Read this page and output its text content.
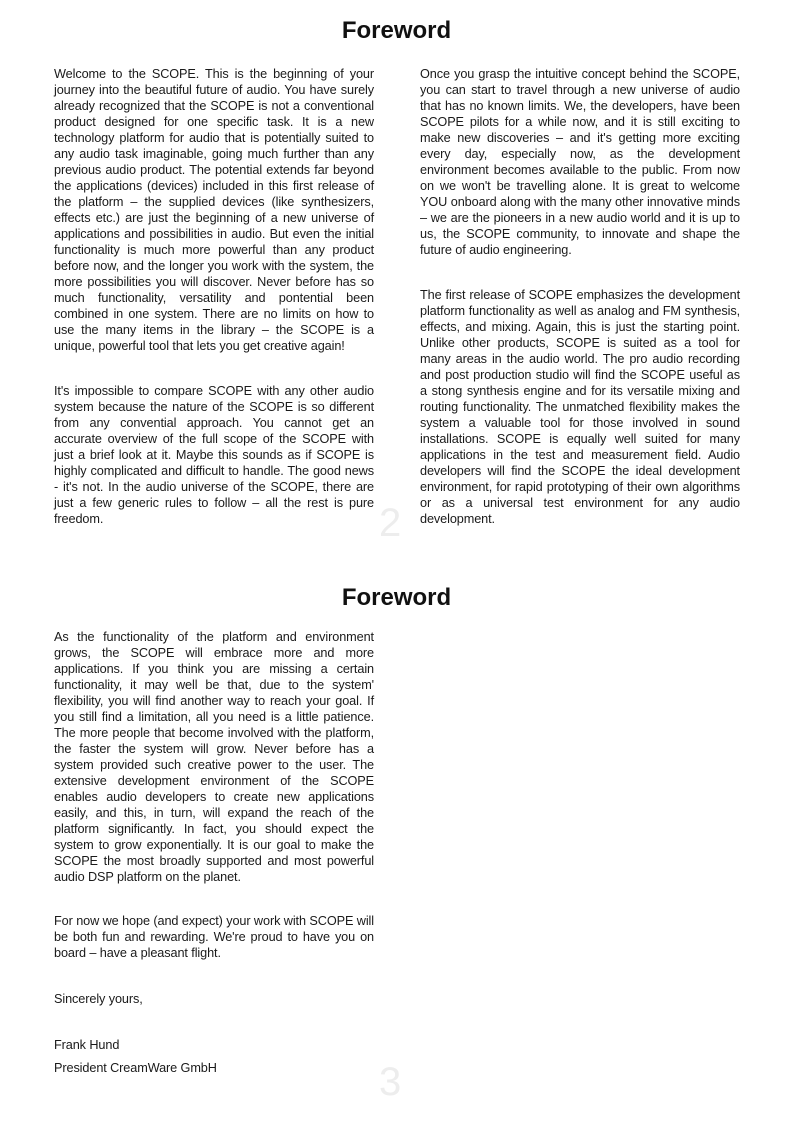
Foreword

Welcome to the SCOPE. This is the beginning of your journey into the beautiful future of audio. You have surely already recognized that the SCOPE is not a conventional product designed for one specific task. It is a new technology platform for audio that is potentially suited to any audio task imaginable, going much further than any previous audio product. The potential extends far beyond the applications (devices) included in this first release of the platform – the supplied devices (like synthesizers, effects etc.) are just the beginning of a new universe of applications and possibilities in audio. But even the initial functionality is much more powerful than any product before now, and the longer you work with the system, the more possibilities you will discover. Never before has so much functionality, versatility and pontential been combined in one system. There are no limits on how to use the many items in the library – the SCOPE is a unique, powerful tool that lets you get creative again!

It's impossible to compare SCOPE with any other audio system because the nature of the SCOPE is so different from any convential approach. You cannot get an accurate overview of the full scope of the SCOPE with just a brief look at it. Maybe this sounds as if SCOPE is highly complicated and difficult to handle. The good news - it's not. In the audio universe of the SCOPE, there are just a few generic rules to follow – all the rest is pure freedom.

Once you grasp the intuitive concept behind the SCOPE, you can start to travel through a new universe of audio that has no known limits. We, the developers, have been SCOPE pilots for a while now, and it is still exciting to make new discoveries – and it's getting more exciting every day, especially now, as the development environment becomes available to the public. From now on we won't be travelling alone. It is great to welcome YOU onboard along with the many other innovative minds – we are the pioneers in a new audio world and it is up to us, the SCOPE community, to innovate and shape the future of audio engineering.

The first release of SCOPE emphasizes the development platform functionality as well as analog and FM synthesis, effects, and mixing. Again, this is just the starting point. Unlike other products, SCOPE is suited as a tool for many areas in the audio world. The pro audio recording and post production studio will find the SCOPE useful as a stong synthesis engine and for its versatile mixing and routing functionality. The unmatched flexibility makes the system a valuable tool for those involved in sound installations. SCOPE is equally well suited for many applications in the test and measurement field. Audio developers will find the SCOPE the ideal development environment, for rapid prototyping of their own algorithms or as a universal test environment for any audio development.

Foreword

As the functionality of the platform and environment grows, the SCOPE will embrace more and more applications. If you think you are missing a certain functionality, it may well be that, due to the system' flexibility, you will find another way to reach your goal. If you still find a limitation, all you need is a little patience. The more people that become involved with the platform, the faster the system will grow. Never before has a system provided such creative power to the user. The extensive development environment of the SCOPE enables audio developers to create new applications easily, and this, in turn, will expand the reach of the platform significantly. In fact, you should expect the system to grow exponentially. It is our goal to make the SCOPE the most broadly supported and most powerful audio DSP platform on the planet.

For now we hope (and expect) your work with SCOPE will be both fun and rewarding. We're proud to have you on board – have a pleasant flight.

Sincerely yours,

Frank Hund

President CreamWare GmbH

2
3
